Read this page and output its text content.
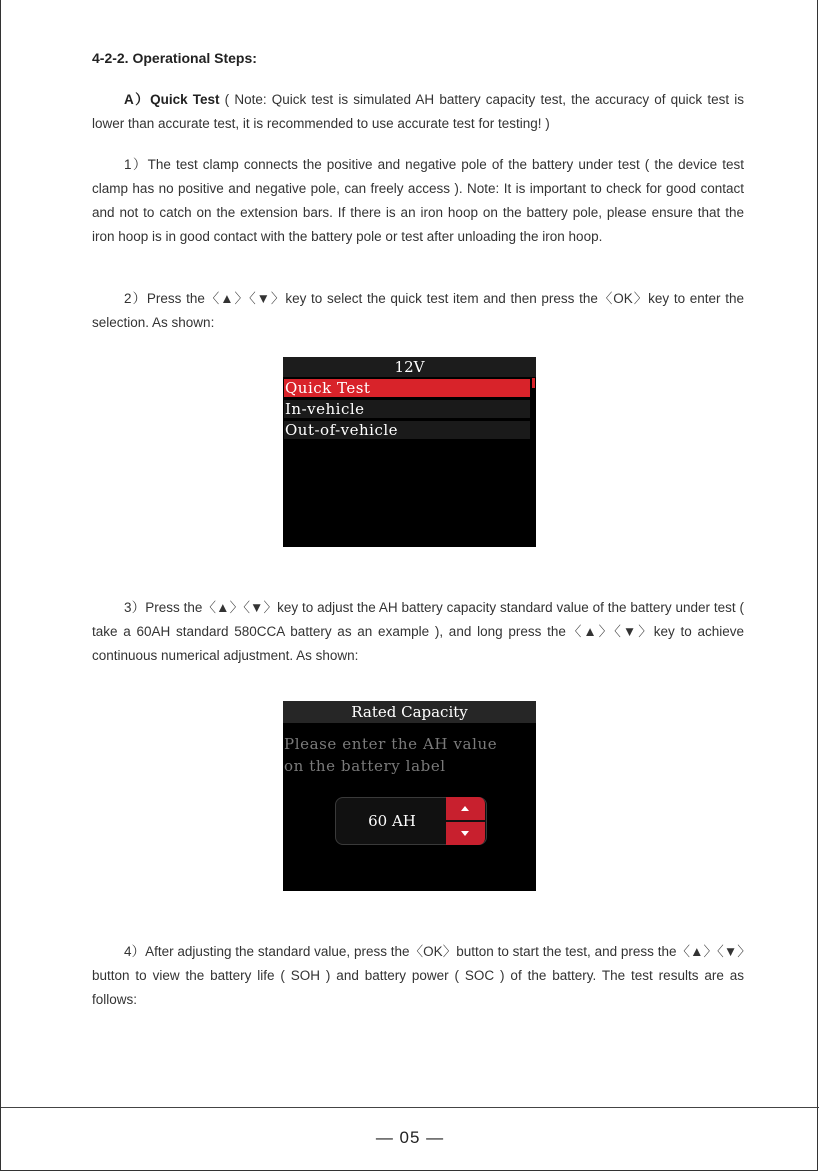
4-2-2. Operational Steps:
A）Quick Test ( Note: Quick test is simulated AH battery capacity test, the accuracy of quick test is lower than accurate test, it is recommended to use accurate test for testing! )
1）The test clamp connects the positive and negative pole of the battery under test ( the device test clamp has no positive and negative pole, can freely access ). Note: It is important to check for good contact and not to catch on the extension bars. If there is an iron hoop on the battery pole, please ensure that the iron hoop is in good contact with the battery pole or test after unloading the iron hoop.
2）Press the〈▲〉〈▼〉key to select the quick test item and then press the〈OK〉key to enter the selection. As shown:
12V
Quick Test
In-vehicle
Out-of-vehicle
3）Press the〈▲〉〈▼〉key to adjust the AH battery capacity standard value of the battery under test ( take a 60AH standard 580CCA battery as an example ), and long press the〈▲〉〈▼〉key to achieve continuous numerical adjustment. As shown:
Rated Capacity
Please enter the AH value
on the battery label
60 AH
4）After adjusting the standard value, press the〈OK〉button to start the test, and press the〈▲〉〈▼〉button to view the battery life ( SOH ) and battery power ( SOC ) of the battery. The test results are as follows:
— 05 —
